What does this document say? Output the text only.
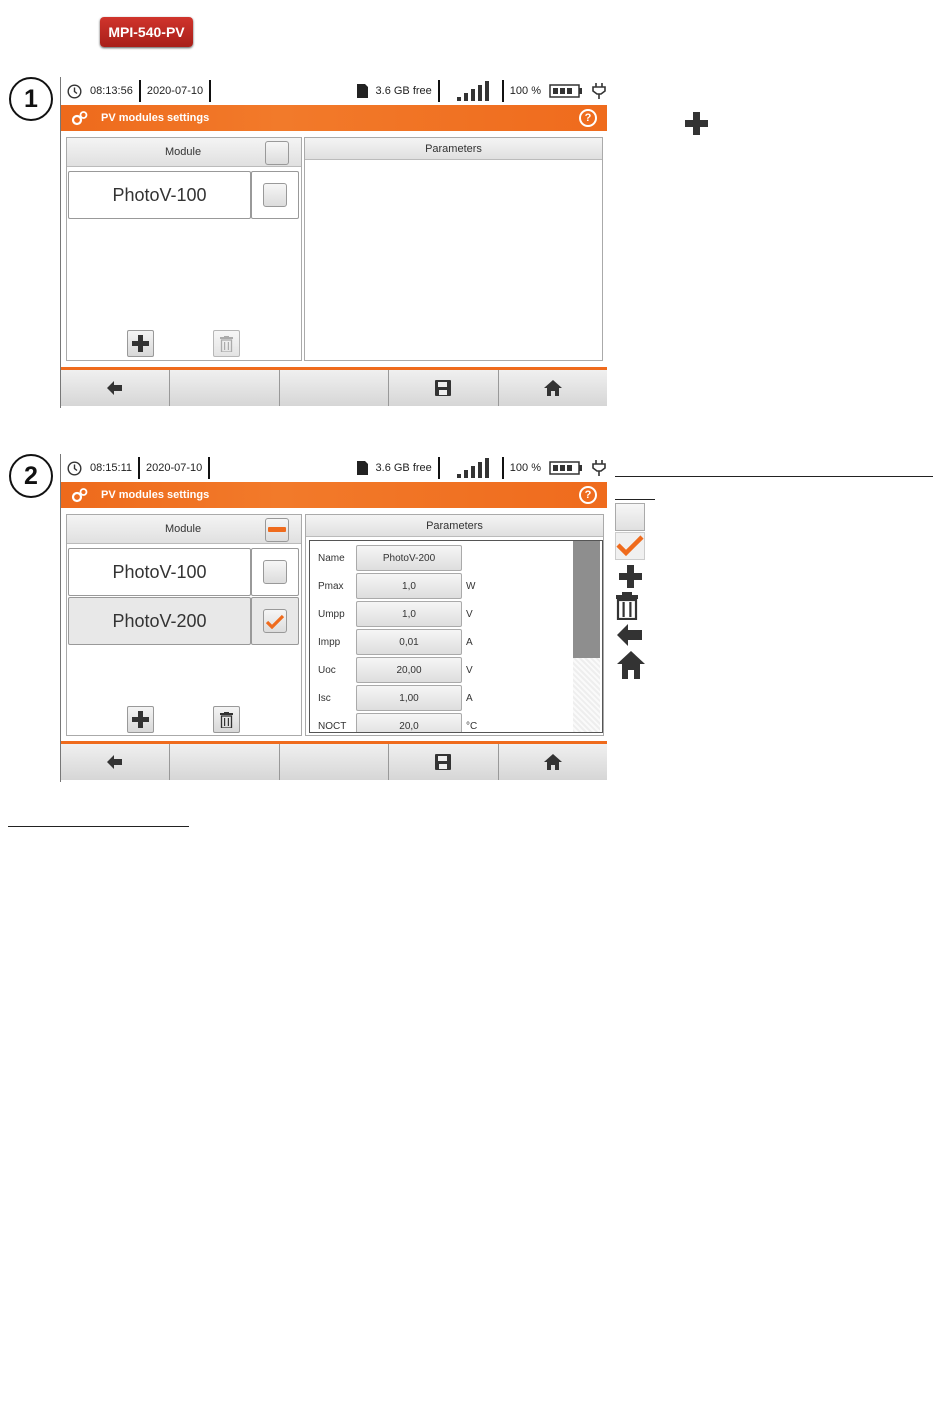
MPI-540-PV
1
2
08:13:56 2020-07-10	3.6 GB free	100 %
PV modules settings	?
Module
PhotoV-100
Parameters
08:15:11 2020-07-10	3.6 GB free	100 %
PV modules settings	?
Module
PhotoV-100
PhotoV-200
Parameters
Name	PhotoV-200
Pmax	1,0	W
Umpp	1,0	V
Impp	0,01	A
Uoc	20,00	V
Isc	1,00	A
NOCT	20,0	°C
